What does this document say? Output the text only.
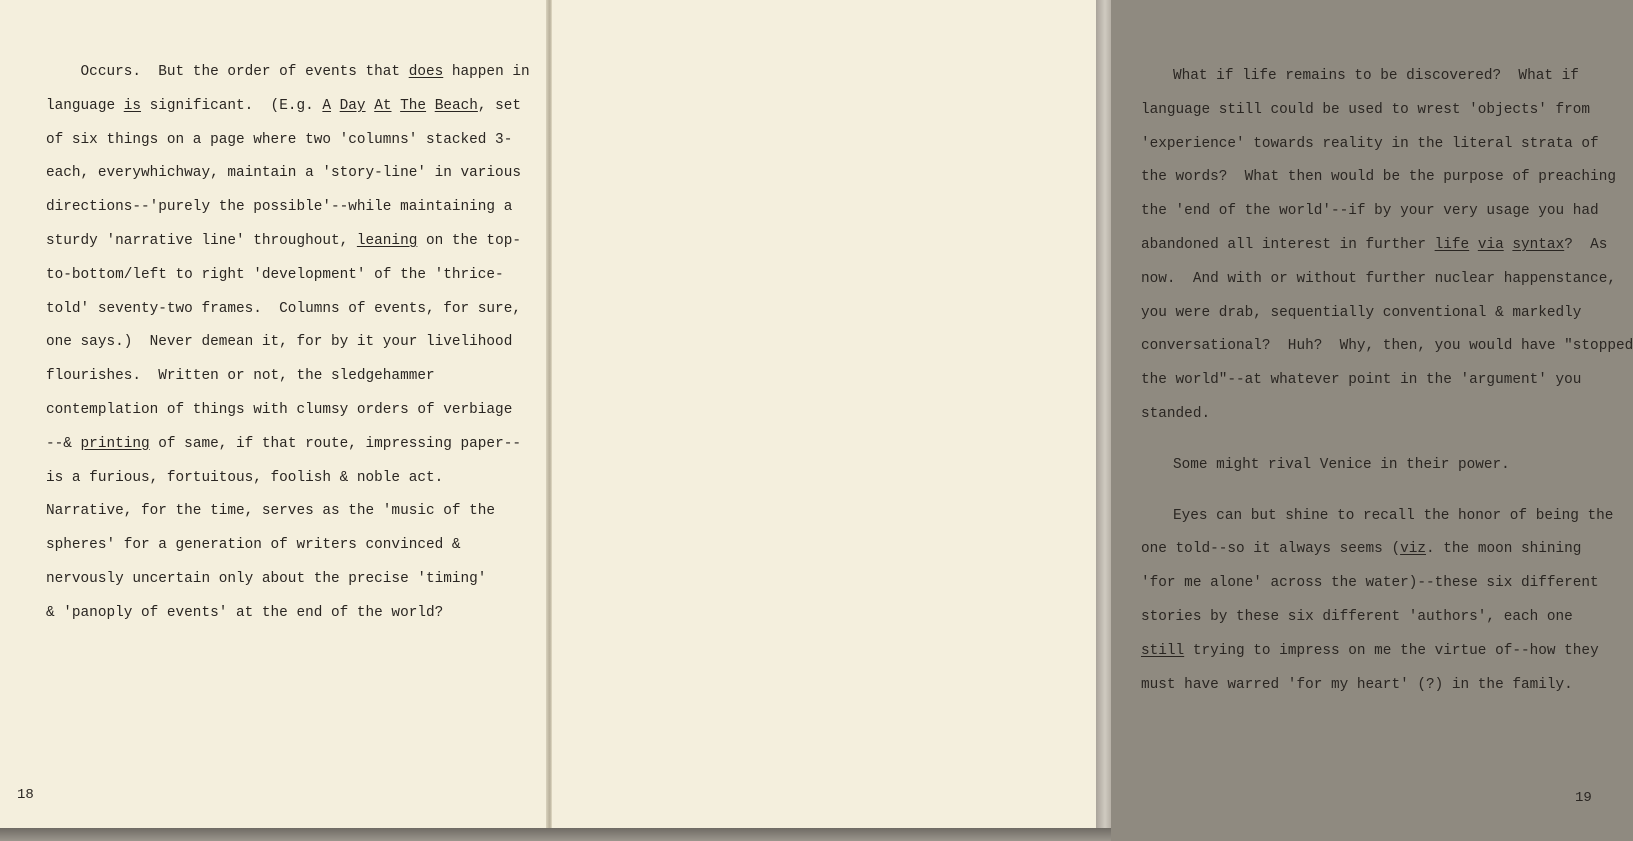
Occurs.  But the order of events that does happen in
language is significant.  (E.g. A Day At The Beach, set
of six things on a page where two 'columns' stacked 3-
each, everywhichway, maintain a 'story-line' in various
directions--'purely the possible'--while maintaining a
sturdy 'narrative line' throughout, leaning on the top-
to-bottom/left to right 'development' of the 'thrice-
told' seventy-two frames.  Columns of events, for sure,
one says.)  Never demean it, for by it your livelihood
flourishes.  Written or not, the sledgehammer
contemplation of things with clumsy orders of verbiage
--& printing of same, if that route, impressing paper--
is a furious, fortuitous, foolish & noble act.
Narrative, for the time, serves as the 'music of the
spheres' for a generation of writers convinced &
nervously uncertain only about the precise 'timing'
& 'panoply of events' at the end of the world?
18
What if life remains to be discovered?  What if
language still could be used to wrest 'objects' from
'experience' towards reality in the literal strata of
the words?  What then would be the purpose of preaching
the 'end of the world'--if by your very usage you had
abandoned all interest in further life via syntax?  As
now.  And with or without further nuclear happenstance,
you were drab, sequentially conventional & markedly
conversational?  Huh?  Why, then, you would have "stopped
the world"--at whatever point in the 'argument' you
standed.
Some might rival Venice in their power.
Eyes can but shine to recall the honor of being the
one told--so it always seems (viz. the moon shining
'for me alone' across the water)--these six different
stories by these six different 'authors', each one
still trying to impress on me the virtue of--how they
must have warred 'for my heart' (?) in the family.
19
